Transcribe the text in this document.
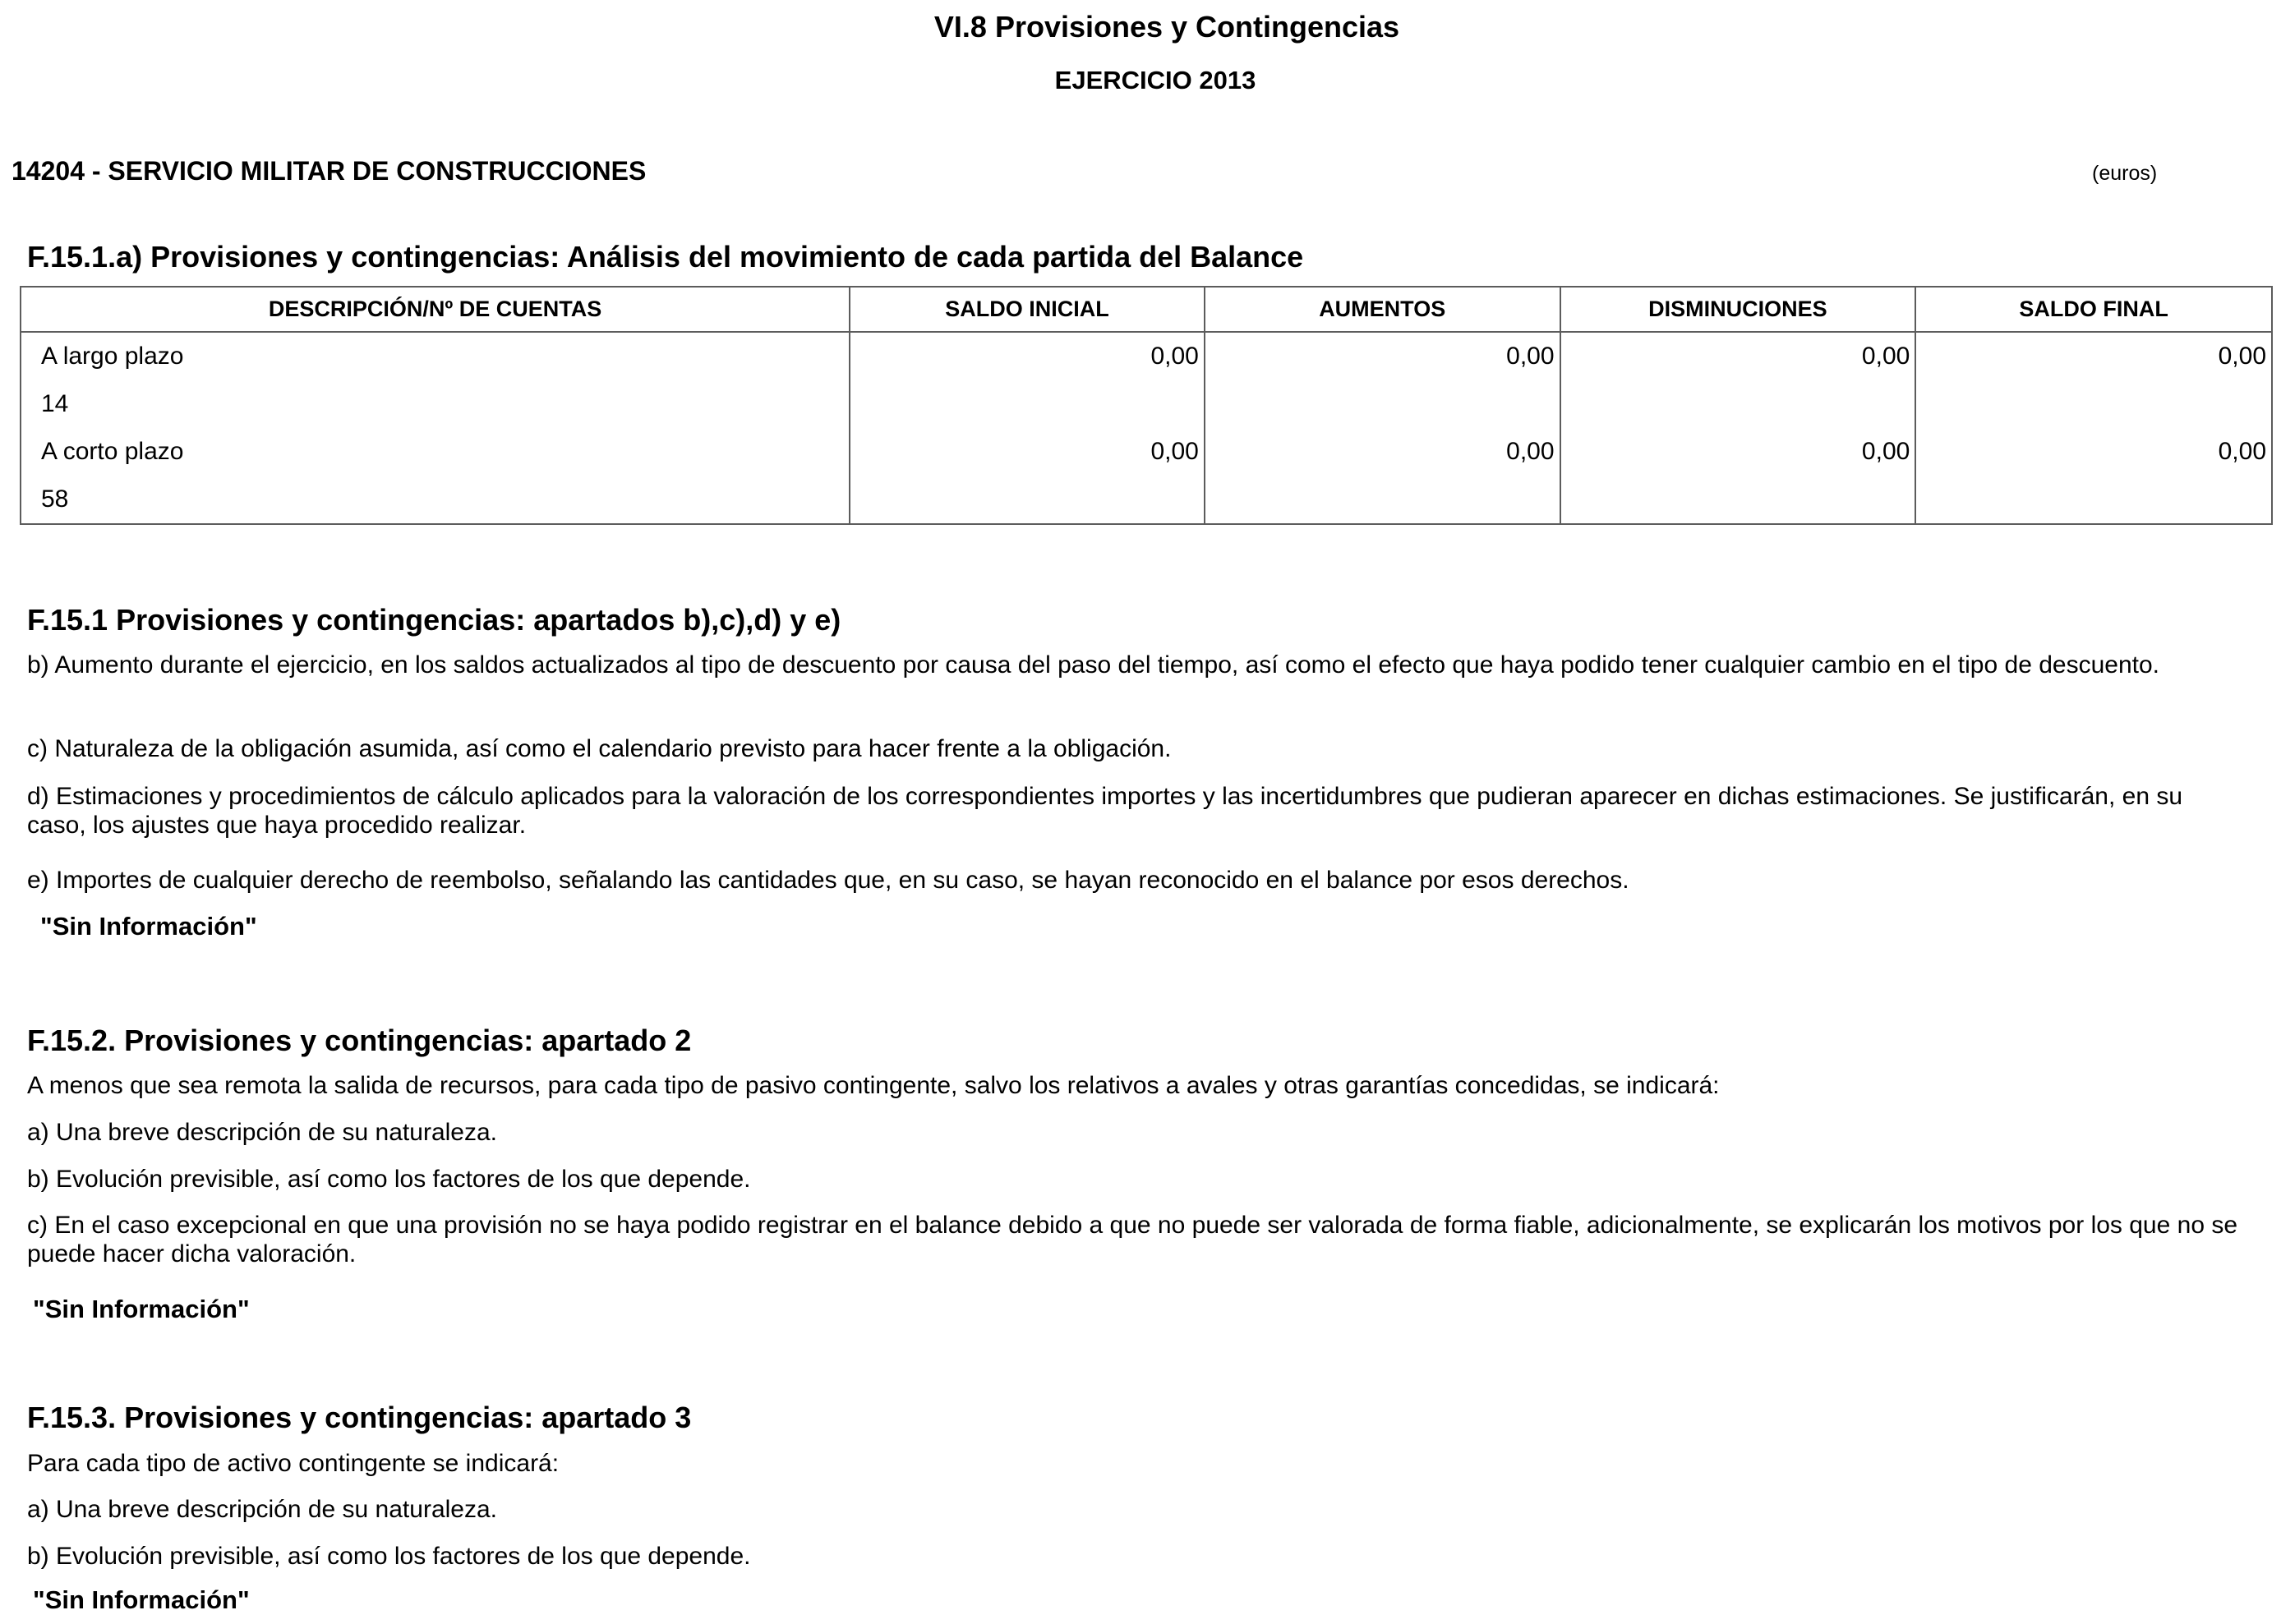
VI.8 Provisiones y Contingencias
EJERCICIO 2013
14204 - SERVICIO MILITAR DE CONSTRUCCIONES	(euros)
F.15.1.a) Provisiones y contingencias: Análisis del movimiento de cada partida del Balance
DESCRIPCIÓN/Nº DE CUENTAS	SALDO INICIAL	AUMENTOS	DISMINUCIONES	SALDO FINAL

A largo plazo
14	0,00	0,00	0,00	0,00

A corto plazo
58	0,00	0,00	0,00	0,00
F.15.1 Provisiones y contingencias: apartados b),c),d) y e)
b) Aumento durante el ejercicio, en los saldos actualizados al tipo de descuento por causa del paso del tiempo, así como el efecto que haya podido tener cualquier cambio en el tipo de descuento.
c) Naturaleza de la obligación asumida, así como el calendario previsto para hacer frente a la obligación.
d) Estimaciones y procedimientos de cálculo aplicados para la valoración de los correspondientes importes y las incertidumbres que pudieran aparecer en dichas estimaciones. Se justificarán, en su caso, los ajustes que haya procedido realizar.
e) Importes de cualquier derecho de reembolso, señalando las cantidades que, en su caso, se hayan reconocido en el balance por esos derechos.
"Sin Información"
F.15.2. Provisiones y contingencias: apartado 2
A menos que sea remota la salida de recursos, para cada tipo de pasivo contingente, salvo los relativos a avales y otras garantías concedidas, se indicará:
a) Una breve descripción de su naturaleza.
b) Evolución previsible, así como los factores de los que depende.
c) En el caso excepcional en que una provisión no se haya podido registrar en el balance debido a que no puede ser valorada de forma fiable, adicionalmente, se explicarán los motivos por los que no se puede hacer dicha valoración.
"Sin Información"
F.15.3. Provisiones y contingencias: apartado 3
Para cada tipo de activo contingente se indicará:
a) Una breve descripción de su naturaleza.
b) Evolución previsible, así como los factores de los que depende.
"Sin Información"
